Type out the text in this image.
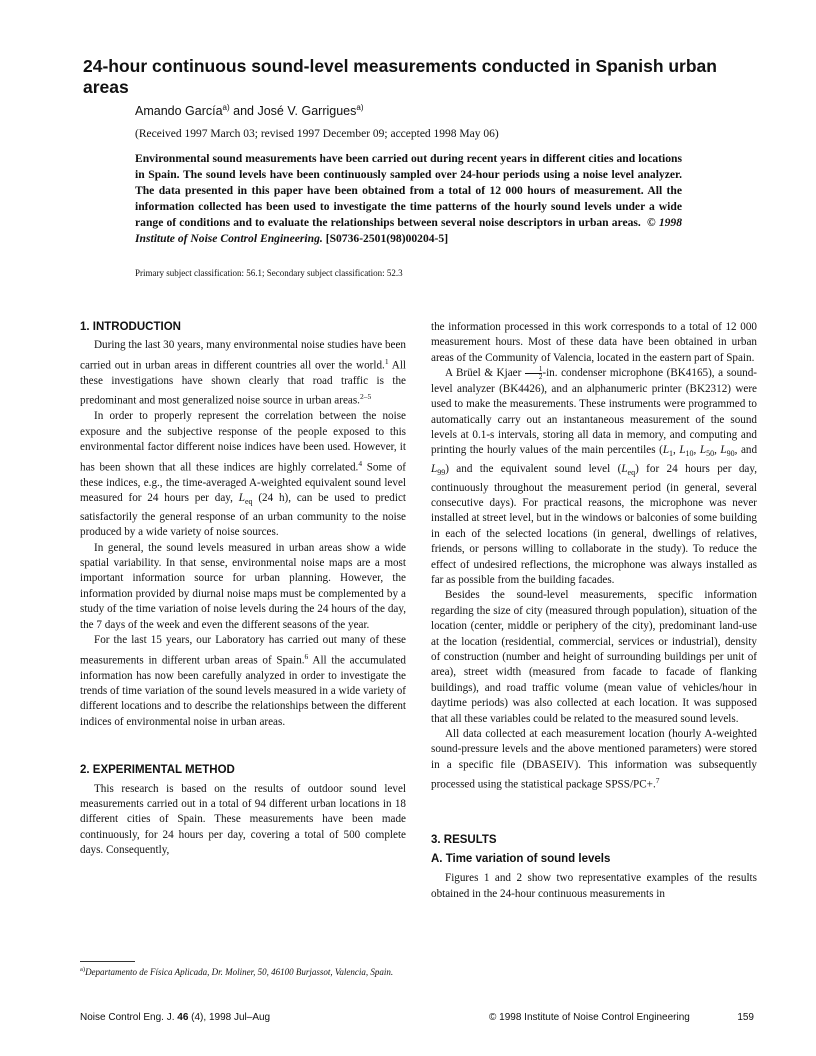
24-hour continuous sound-level measurements conducted in Spanish urban areas
Amando García$^{a)}$ and José V. Garrigues$^{a)}$
(Received 1997 March 03; revised 1997 December 09; accepted 1998 May 06)

Environmental sound measurements have been carried out during recent years in different cities and locations in Spain. The sound levels have been continuously sampled over 24-hour periods using a noise level analyzer. The data presented in this paper have been obtained from a total of 12 000 hours of measurement. All the information collected has been used to investigate the time patterns of the hourly sound levels under a wide range of conditions and to evaluate the relationships between several noise descriptors in urban areas. © 1998 Institute of Noise Control Engineering. [S0736-2501(98)00204-5]

Primary subject classification: 56.1; Secondary subject classification: 52.3
1. INTRODUCTION

During the last 30 years, many environmental noise studies have been carried out in urban areas in different countries all over the world.$^1$ All these investigations have shown clearly that road traffic is the predominant and most generalized noise source in urban areas.$^{2-5}$

In order to properly represent the correlation between the noise exposure and the subjective response of the people exposed to this environmental factor different noise indices have been used. However, it has been shown that all these indices are highly correlated.$^4$ Some of these indices, e.g., the time-averaged A-weighted equivalent sound level measured for 24 hours per day, $L_{eq}$ (24 h), can be used to predict satisfactorily the general response of an urban community to the noise produced by a wide variety of noise sources.

In general, the sound levels measured in urban areas show a wide spatial variability. In that sense, environmental noise maps are a most important information source for urban planning. However, the information provided by diurnal noise maps must be complemented by a study of the time variation of noise levels during the 24 hours of the day, the 7 days of the week and even the different seasons of the year.

For the last 15 years, our Laboratory has carried out many of these measurements in different urban areas of Spain.$^6$ All the accumulated information has now been carefully analyzed in order to investigate the trends of time variation of the sound levels measured in a wide variety of different locations and to describe the relationships between the different indices of environmental noise in urban areas.

2. EXPERIMENTAL METHOD

This research is based on the results of outdoor sound level measurements carried out in a total of 94 different urban locations in 18 different cities of Spain. These measurements have been made continuously, for 24 hours per day, covering a total of 500 complete days. Consequently,

the information processed in this work corresponds to a total of 12 000 measurement hours. Most of these data have been obtained in urban areas of the Community of Valencia, located in the eastern part of Spain.

A Brüel & Kjaer $\frac{1}{2} -in$. condenser microphone (BK4165), a sound-level analyzer (BK4426), and an alphanumeric printer (BK2312) were used to make the measurements. These instruments were programmed to automatically carry out an instantaneous measurement of the sound levels at 0.1-s intervals, storing all data in memory, and computing and printing the hourly values of the main percentiles ($L_1$, $L_{10}$, $L_{50}$, $L_{90}$, and $L_{99}$) and the equivalent sound level $(L_{eq})$ for 24 hours per day, continuously throughout the measurement period (in general, several consecutive days). For practical reasons, the microphone was never installed at street level, but in the windows or balconies of some building in each of the selected locations (in general, dwellings of relatives, friends, or persons willing to collaborate in the study). To reduce the effect of undesired reflections, the microphone was always installed as far as possible from the building facades.

Besides the sound-level measurements, specific information regarding the size of city (measured through population), situation of the location (center, middle or periphery of the city), predominant land-use at the location (residential, commercial, services or industrial), density of construction (number and height of surrounding buildings per unit of area), street width (measured from facade to facade of flanking buildings), and road traffic volume (mean value of vehicles/hour in daytime periods) was also collected at each location. It was supposed that all these variables could be related to the measured sound levels.

All data collected at each measurement location (hourly A-weighted sound-pressure levels and the above mentioned parameters) were stored in a specific file (DBASEIV). This information was subsequently processed using the statistical package SPSS/PC+.$^7$

3. RESULTS
A. Time variation of sound levels

Figures 1 and 2 show two representative examples of the results obtained in the 24-hour continuous measurements in

$^{a)}$Departamento de Física Aplicada, Dr. Moliner, 50, 46100 Burjassot, Valencia, Spain.
Noise Control Eng. J. 46 (4), 1998 Jul–Aug	© 1998 Institute of Noise Control Engineering	159
